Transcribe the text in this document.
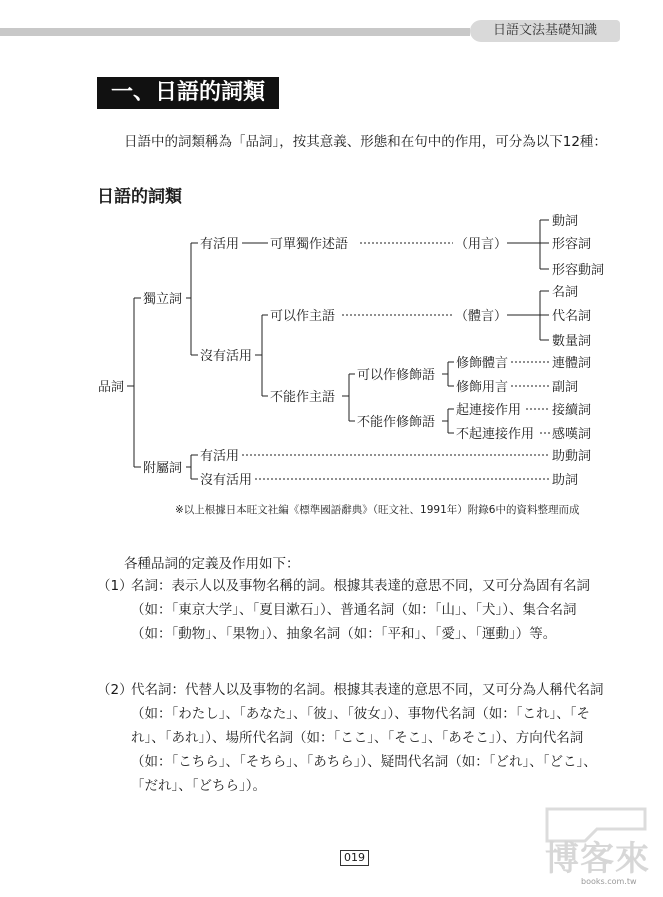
日語文法基礎知識
一、日語的詞類
日語中的詞類稱為「品詞」，按其意義、形態和在句中的作用，可分為以下12種：
日語的詞類
品詞
獨立詞
附屬詞
有活用
沒有活用
可單獨作述語	（用言）
可以作主語	（體言）
不能作主語
可以作修飾語
不能作修飾語
修飾體言
修飾用言
起連接作用
不起連接作用
有活用
沒有活用
動詞
形容詞
形容動詞
名詞
代名詞
數量詞
連體詞
副詞
接續詞
感嘆詞
助動詞
助詞
※以上根據日本旺文社編《標準國語辭典》（旺文社、1991年）附錄6中的資料整理而成
各種品詞的定義及作用如下：
（1）
名詞：表示人以及事物名稱的詞。根據其表達的意思不同，又可分為固有名詞（如：「東京大学」、「夏目漱石」）、普通名詞（如：「山」、「犬」）、集合名詞（如：「動物」、「果物」）、抽象名詞（如：「平和」、「愛」、「運動」）等。
（2）
代名詞：代替人以及事物的名詞。根據其表達的意思不同，又可分為人稱代名詞（如：「わたし」、「あなた」、「彼」、「彼女」）、事物代名詞（如：「これ」、「それ」、「あれ」）、場所代名詞（如：「ここ」、「そこ」、「あそこ」）、方向代名詞（如：「こちら」、「そちら」、「あちら」）、疑問代名詞（如：「どれ」、「どこ」、「だれ」、「どちら」）。
019	博客來
books.com.tw
